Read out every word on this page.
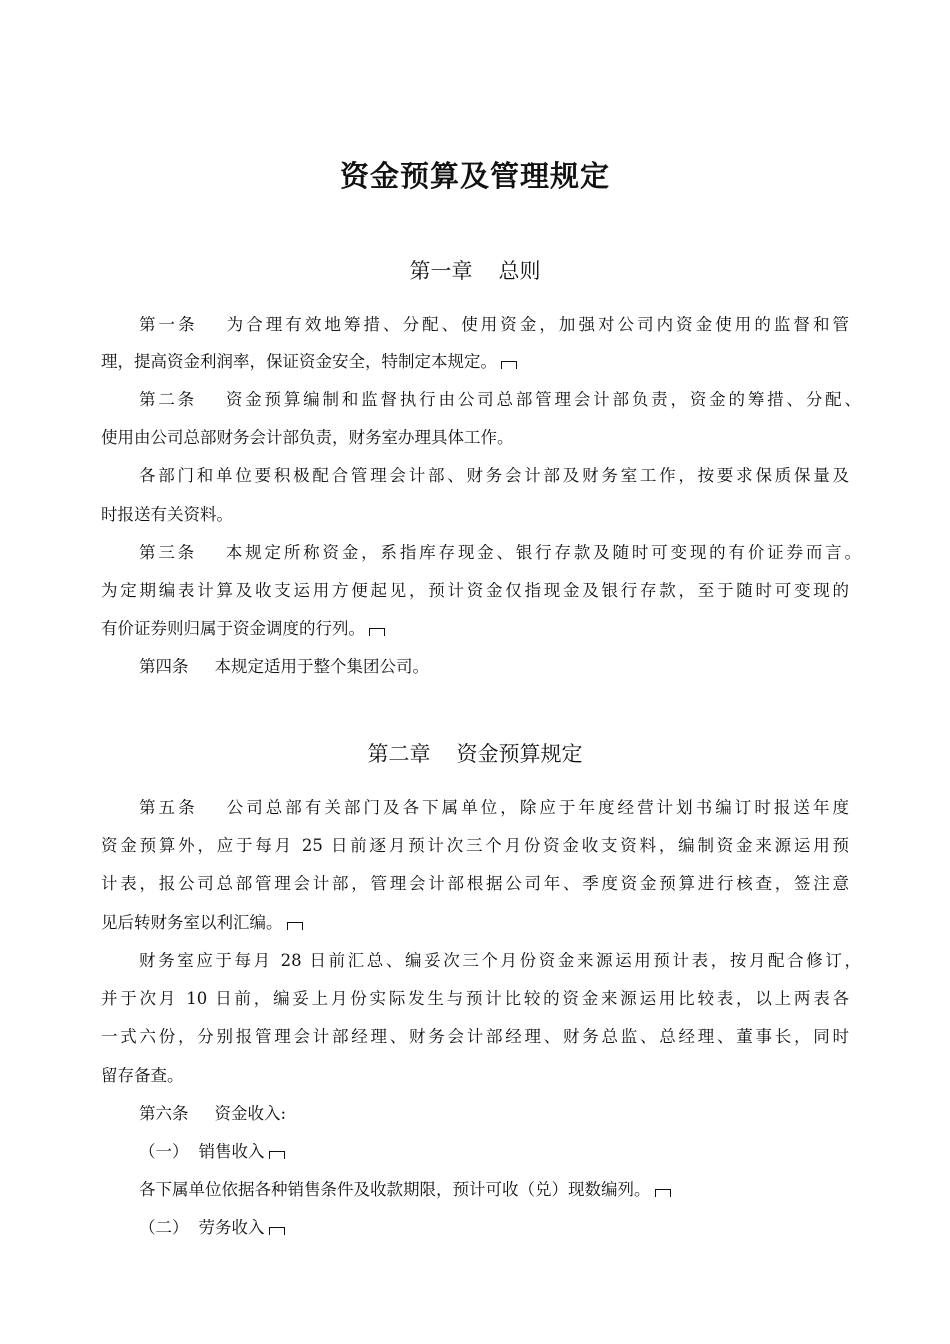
资金预算及管理规定
第一章 总则
第一条 为合理有效地筹措、分配、使用资金，加强对公司内资金使用的监督和管
理，提高资金利润率，保证资金安全，特制定本规定。
第二条 资金预算编制和监督执行由公司总部管理会计部负责，资金的筹措、分配、
使用由公司总部财务会计部负责，财务室办理具体工作。
各部门和单位要积极配合管理会计部、财务会计部及财务室工作，按要求保质保量及
时报送有关资料。
第三条 本规定所称资金，系指库存现金、银行存款及随时可变现的有价证券而言。
为定期编表计算及收支运用方便起见，预计资金仅指现金及银行存款，至于随时可变现的
有价证券则归属于资金调度的行列。
第四条 本规定适用于整个集团公司。
第二章 资金预算规定
第五条 公司总部有关部门及各下属单位，除应于年度经营计划书编订时报送年度
资金预算外，应于每月 25 日前逐月预计次三个月份资金收支资料，编制资金来源运用预
计表，报公司总部管理会计部，管理会计部根据公司年、季度资金预算进行核查，签注意
见后转财务室以利汇编。
财务室应于每月 28 日前汇总、编妥次三个月份资金来源运用预计表，按月配合修订，
并于次月 10 日前，编妥上月份实际发生与预计比较的资金来源运用比较表，以上两表各
一式六份，分别报管理会计部经理、财务会计部经理、财务总监、总经理、董事长，同时
留存备查。
第六条 资金收入:
（一） 销售收入
各下属单位依据各种销售条件及收款期限，预计可收（兑）现数编列。
（二） 劳务收入
